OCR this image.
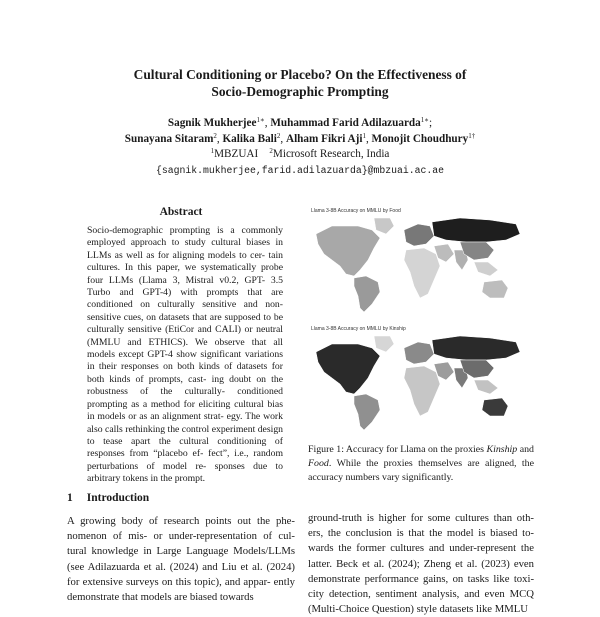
Cultural Conditioning or Placebo? On the Effectiveness of
Socio-Demographic Prompting
Sagnik Mukherjee$^{1∗}$, Muhammad Farid Adilazuarda$^{1∗}$;
Sunayana Sitaram$^2$, Kalika Bali$^2$, Alham Fikri Aji$^1$, Monojit Choudhury$^{1\dagger}$
$^1$MBZUAI $^2$Microsoft Research, India
{sagnik.mukherjee,farid.adilazuarda}@mbzuai.ac.ae
Abstract

Socio-demographic prompting is a commonly employed approach to study cultural biases in LLMs as well as for aligning models to cer- tain cultures. In this paper, we systematically probe four LLMs (Llama 3, Mistral v0.2, GPT- 3.5 Turbo and GPT-4) with prompts that are conditioned on culturally sensitive and non- sensitive cues, on datasets that are supposed to be culturally sensitive (EtiCor and CALI) or neutral (MMLU and ETHICS). We observe that all models except GPT-4 show significant variations in their responses on both kinds of datasets for both kinds of prompts, cast- ing doubt on the robustness of the culturally- conditioned prompting as a method for eliciting cultural bias in models or as an alignment strat- egy. The work also calls rethinking the control experiment design to tease apart the cultural conditioning of responses from “placebo ef- fect”, i.e., random perturbations of model re- sponses due to arbitrary tokens in the prompt.

1 Introduction

A growing body of research points out the phe- nomenon of mis- or under-representation of cul- tural knowledge in Large Language Models/LLMs (see Adilazuarda et al. (2024) and Liu et al. (2024) for extensive surveys on this topic), and appar- ently demonstrate that models are biased towards

Llama 3-8B Accuracy on MMLU by Food
Llama 3-8B Accuracy on MMLU by Kinship

Figure 1: Accuracy for Llama on the proxies Kinship and Food. While the proxies themselves are aligned, the accuracy numbers vary significantly.

ground-truth is higher for some cultures than oth- ers, the conclusion is that the model is biased to- wards the former cultures and under-represent the latter. Beck et al. (2024); Zheng et al. (2023) even demonstrate performance gains, on tasks like toxi- city detection, sentiment analysis, and even MCQ (Multi-Choice Question) style datasets like MMLU
